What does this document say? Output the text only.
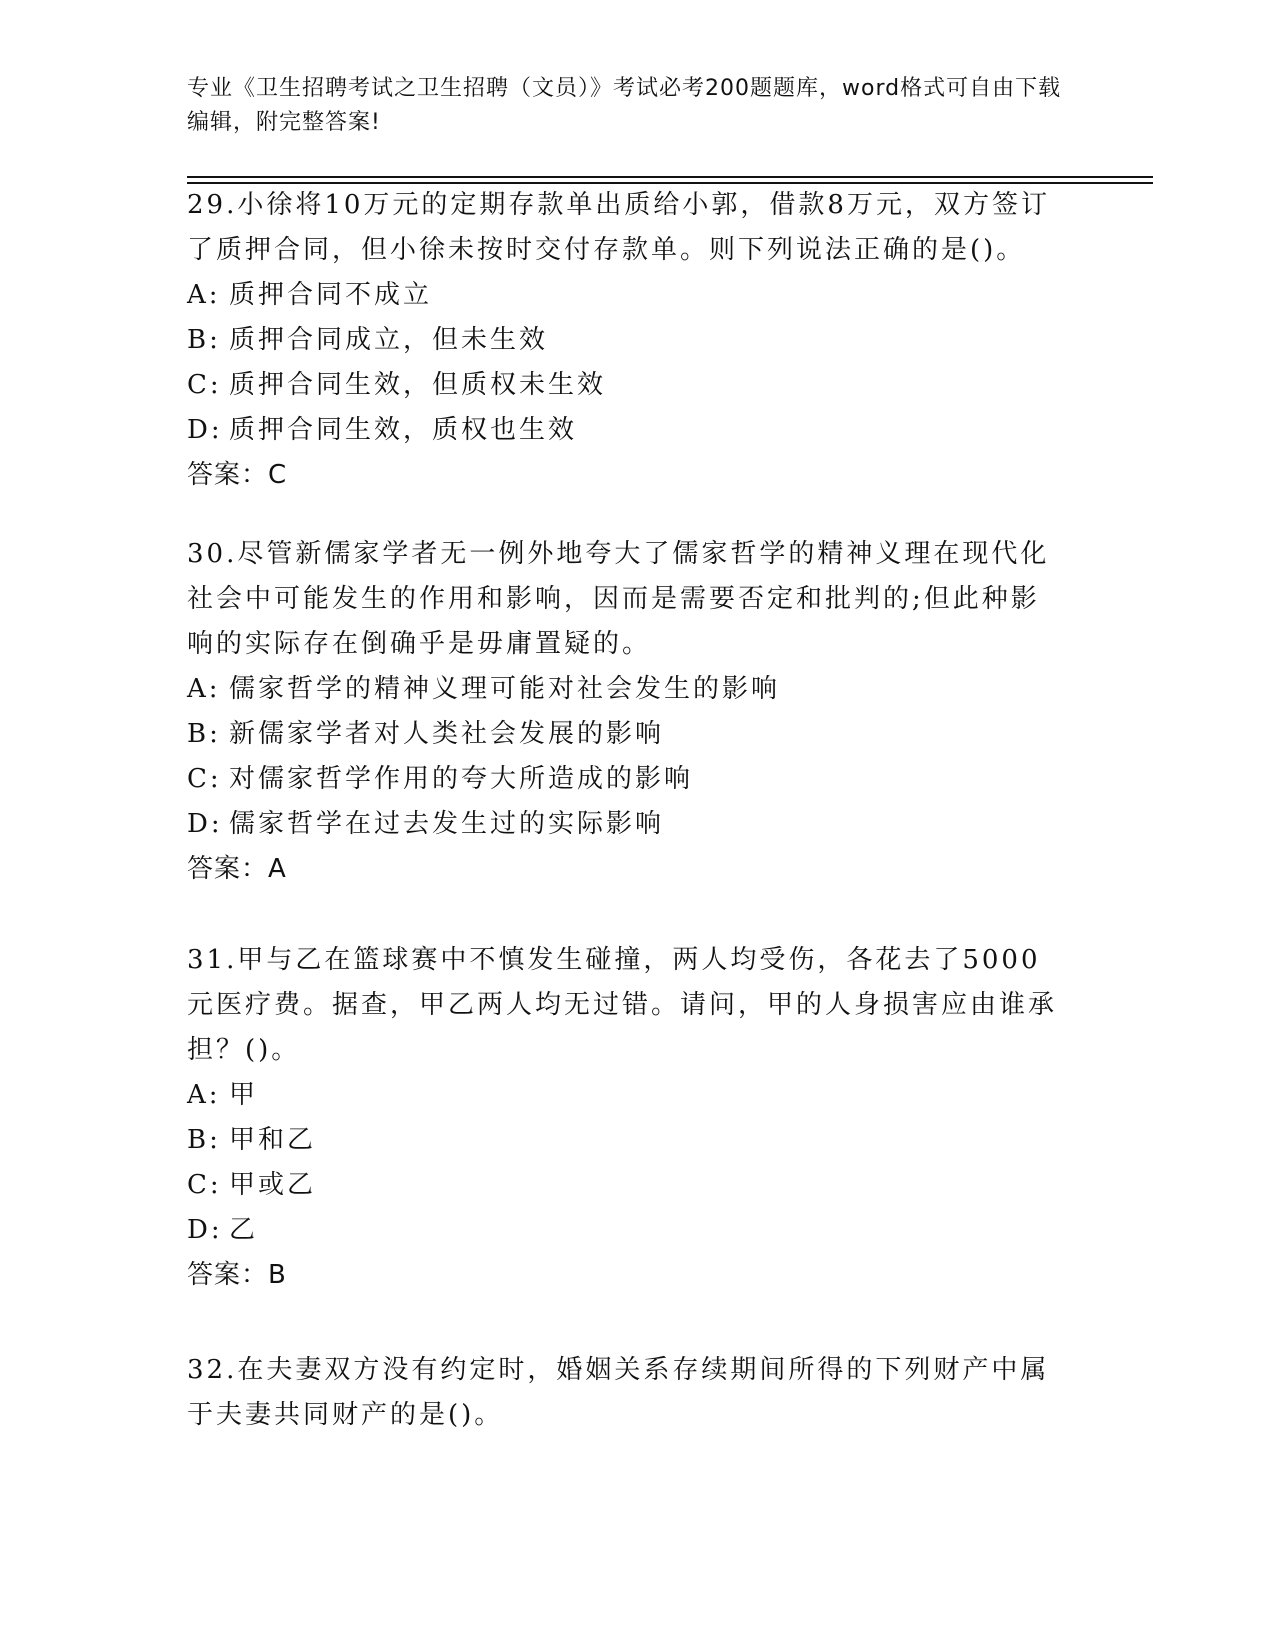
专业《卫生招聘考试之卫生招聘（文员）》考试必考200题题库，word格式可自由下载编辑，附完整答案!

29.小徐将10万元的定期存款单出质给小郭，借款8万元，双方签订了质押合同，但小徐未按时交付存款单。则下列说法正确的是()。

A: 质押合同不成立

B: 质押合同成立，但未生效

C: 质押合同生效，但质权未生效

D: 质押合同生效，质权也生效

答案：C

30.尽管新儒家学者无一例外地夸大了儒家哲学的精神义理在现代化社会中可能发生的作用和影响，因而是需要否定和批判的;但此种影响的实际存在倒确乎是毋庸置疑的。

A: 儒家哲学的精神义理可能对社会发生的影响

B: 新儒家学者对人类社会发展的影响

C: 对儒家哲学作用的夸大所造成的影响

D: 儒家哲学在过去发生过的实际影响

答案：A

31.甲与乙在篮球赛中不慎发生碰撞，两人均受伤，各花去了5000元医疗费。据查，甲乙两人均无过错。请问，甲的人身损害应由谁承担？()。

A: 甲

B: 甲和乙

C: 甲或乙

D: 乙

答案：B

32.在夫妻双方没有约定时，婚姻关系存续期间所得的下列财产中属于夫妻共同财产的是()。
